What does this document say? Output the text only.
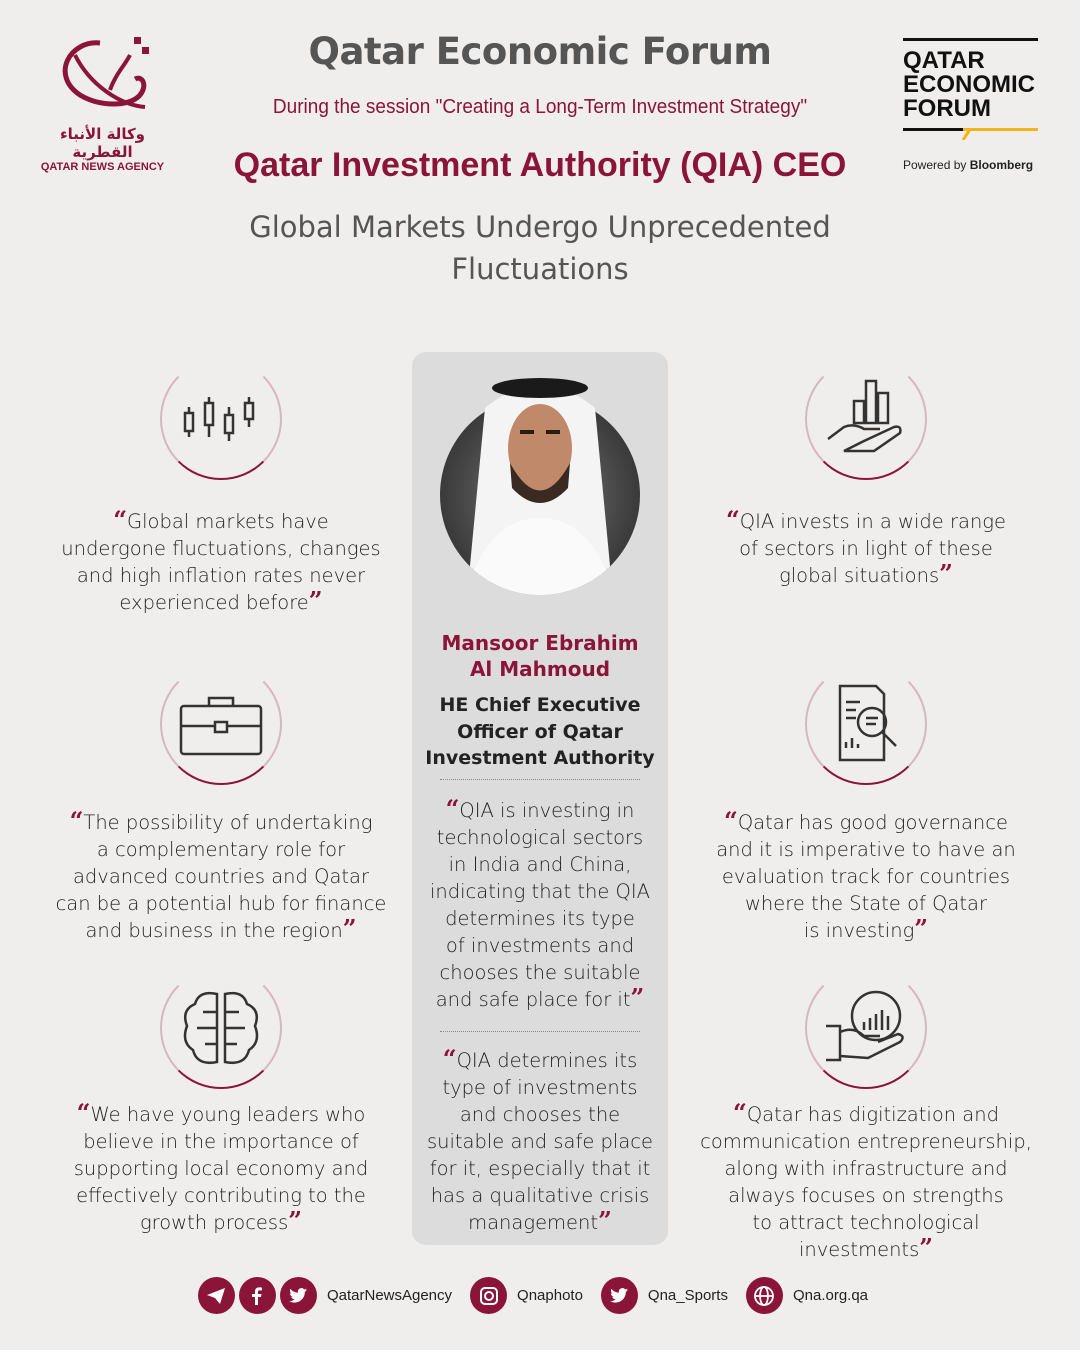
وكالة الأنباء القطرية
QATAR NEWS AGENCY
Qatar Economic Forum
During the session "Creating a Long-Term Investment Strategy"
Qatar Investment Authority (QIA) CEO
Global Markets Undergo Unprecedented
Fluctuations
QATAR
ECONOMIC
FORUM
Powered by Bloomberg
Mansoor Ebrahim
Al Mahmoud
HE Chief Executive
Officer of Qatar
Investment Authority
“QIA is investing in
technological sectors
in India and China,
indicating that the QIA
determines its type
of investments and
chooses the suitable
and safe place for it”
“QIA determines its
type of investments
and chooses the
suitable and safe place
for it, especially that it
has a qualitative crisis
management”
“Global markets have
undergone fluctuations, changes
and high inflation rates never
experienced before”
“The possibility of undertaking
a complementary role for
advanced countries and Qatar
can be a potential hub for finance
and business in the region”
“We have young leaders who
believe in the importance of
supporting local economy and
effectively contributing to the
growth process”
“QIA invests in a wide range
of sectors in light of these
global situations”
“Qatar has good governance
and it is imperative to have an
evaluation track for countries
where the State of Qatar
is investing”
“Qatar has digitization and
communication entrepreneurship,
along with infrastructure and
always focuses on strengths
to attract technological
investments”
QatarNewsAgency	Qnaphoto	Qna_Sports	Qna.org.qa
